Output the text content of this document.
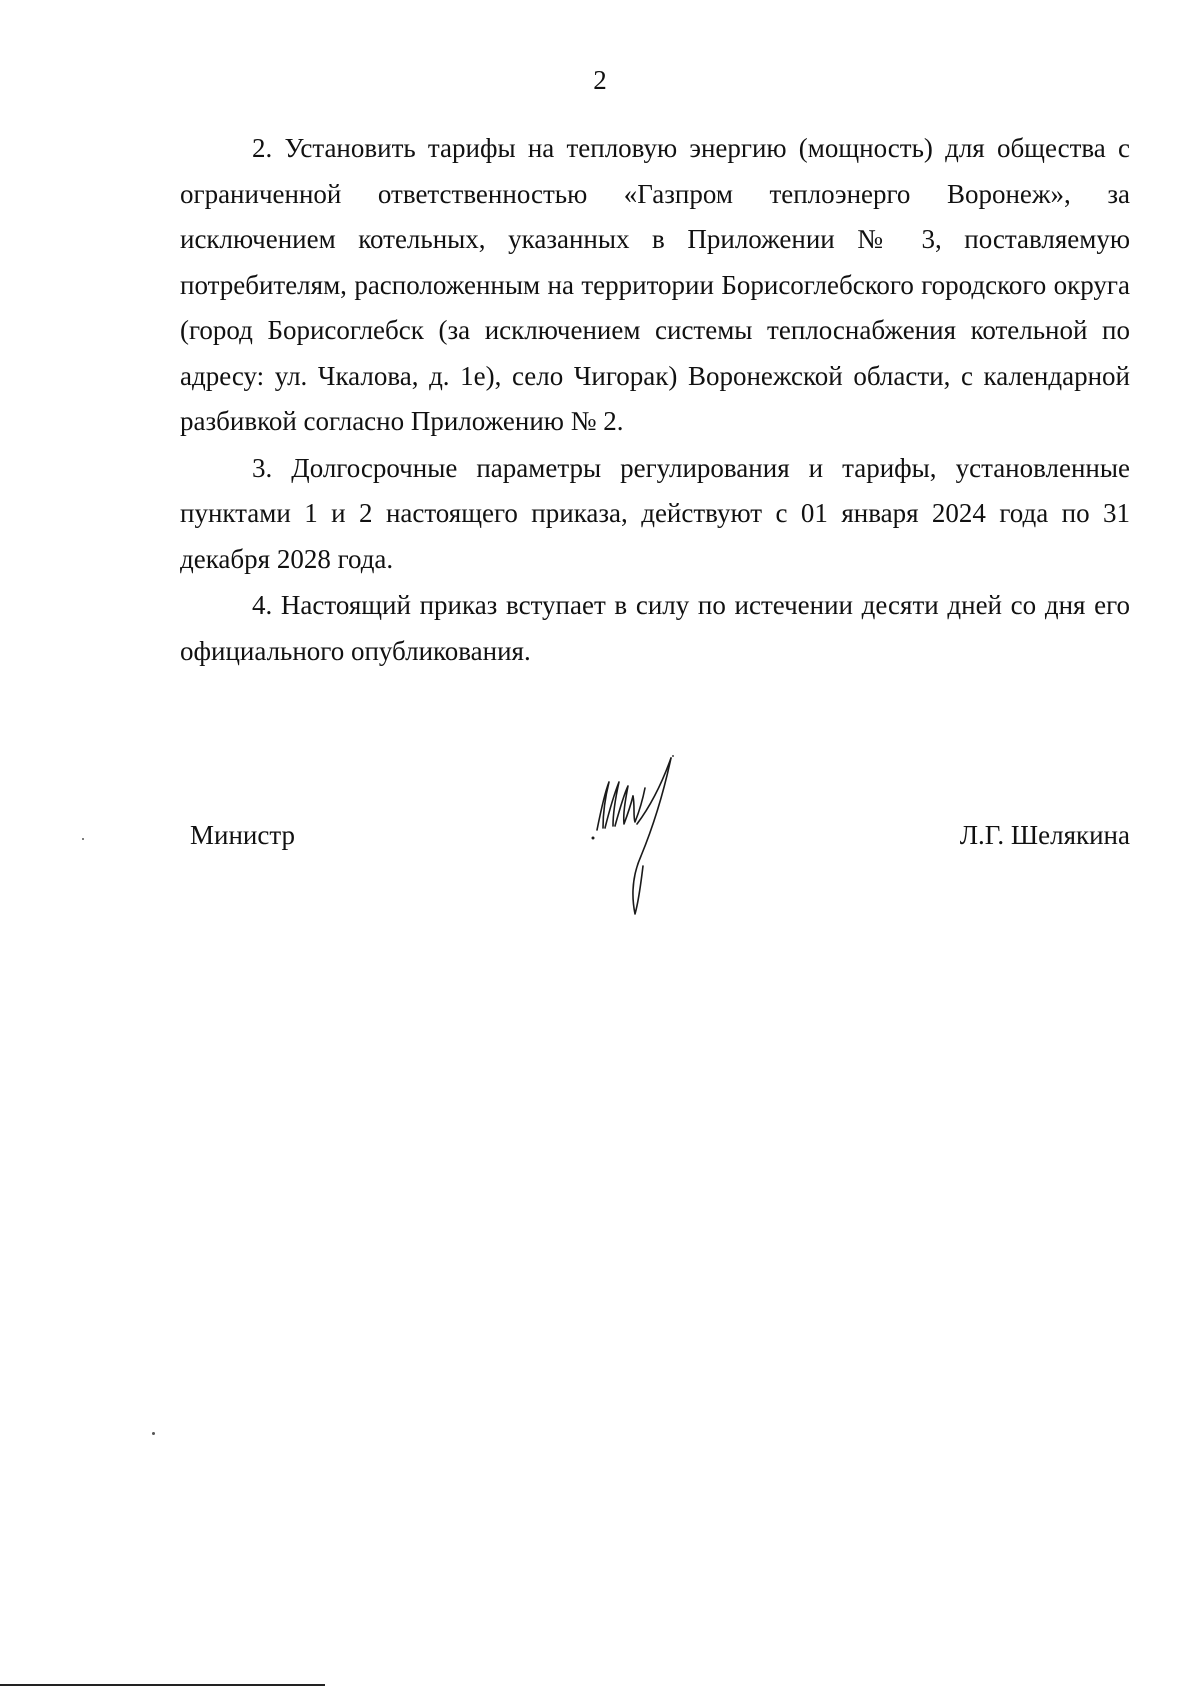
2

2. Установить тарифы на тепловую энергию (мощность) для общества с ограниченной ответственностью «Газпром теплоэнерго Воронеж», за исключением котельных, указанных в Приложении № 3, поставляемую потребителям, расположенным на территории Борисоглебского городского округа (город Борисоглебск (за исключением системы теплоснабжения котельной по адресу: ул. Чкалова, д. 1е), село Чигорак) Воронежской области, с календарной разбивкой согласно Приложению № 2.

3. Долгосрочные параметры регулирования и тарифы, установленные пунктами 1 и 2 настоящего приказа, действуют с 01 января 2024 года по 31 декабря 2028 года.

4. Настоящий приказ вступает в силу по истечении десяти дней со дня его официального опубликования.

Министр	Л.Г. Шелякина
